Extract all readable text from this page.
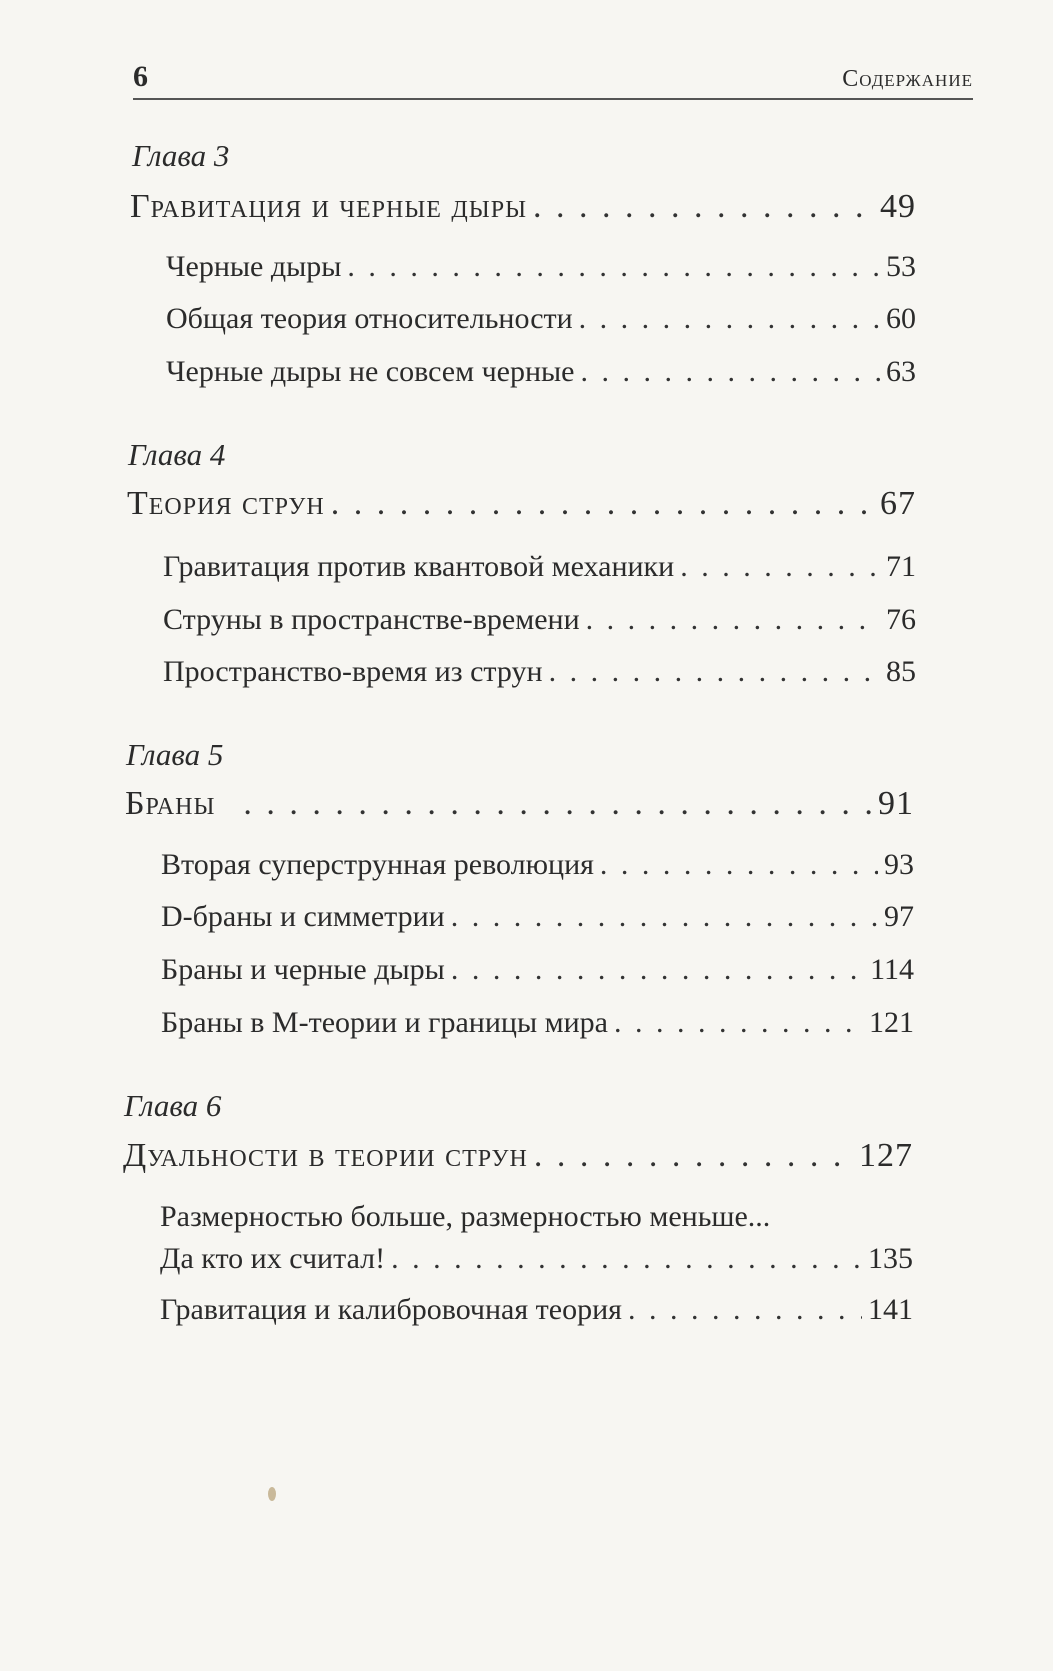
6	Содержание
Глава 3
Гравитация и черные дыры . . .	49
Черные дыры . . .	53
Общая теория относительности . . .	60
Черные дыры не совсем черные . . .	63
Глава 4
Теория струн . . .	67
Гравитация против квантовой механики . . .	71
Струны в пространстве-времени . . .	76
Пространство-время из струн . . .	85
Глава 5
Браны . . .	91
Вторая суперструнная революция . . .	93
D-браны и симметрии . . .	97
Браны и черные дыры . . .	114
Браны в М-теории и границы мира . . .	121
Глава 6
Дуальности в теории струн . . .	127
Размерностью больше, размерностью меньше...
Да кто их считал! . . .	135
Гравитация и калибровочная теория . . .	141
